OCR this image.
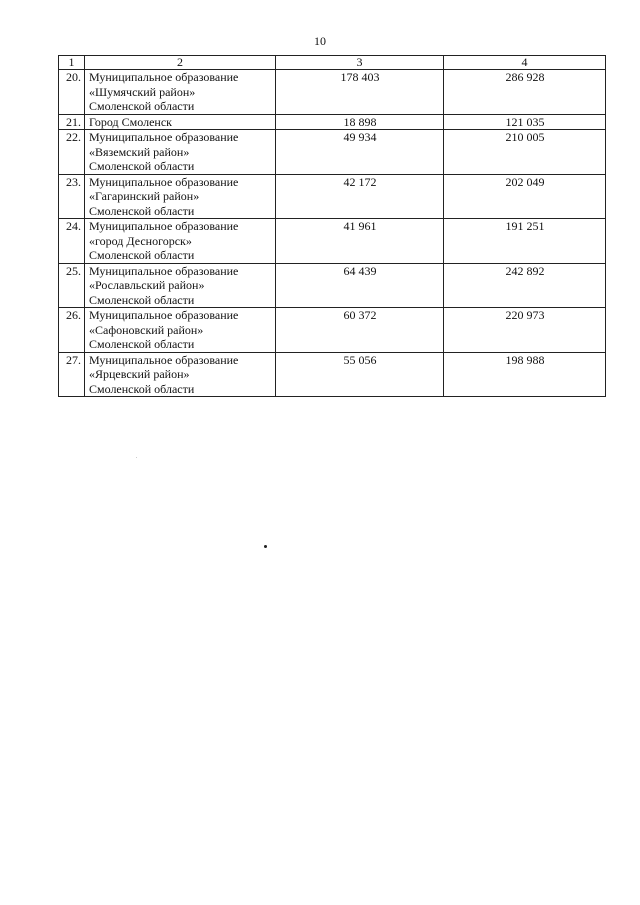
10
1	2	3	4
20.	Муниципальное образование
«Шумячский район»
Смоленской области	178 403	286 928
21.	Город Смоленск	18 898	121 035
22.	Муниципальное образование
«Вяземский район»
Смоленской области	49 934	210 005
23.	Муниципальное образование
«Гагаринский район»
Смоленской области	42 172	202 049
24.	Муниципальное образование
«город Десногорск»
Смоленской области	41 961	191 251
25.	Муниципальное образование
«Рославльский район»
Смоленской области	64 439	242 892
26.	Муниципальное образование
«Сафоновский район»
Смоленской области	60 372	220 973
27.	Муниципальное образование
«Ярцевский район»
Смоленской области	55 056	198 988
